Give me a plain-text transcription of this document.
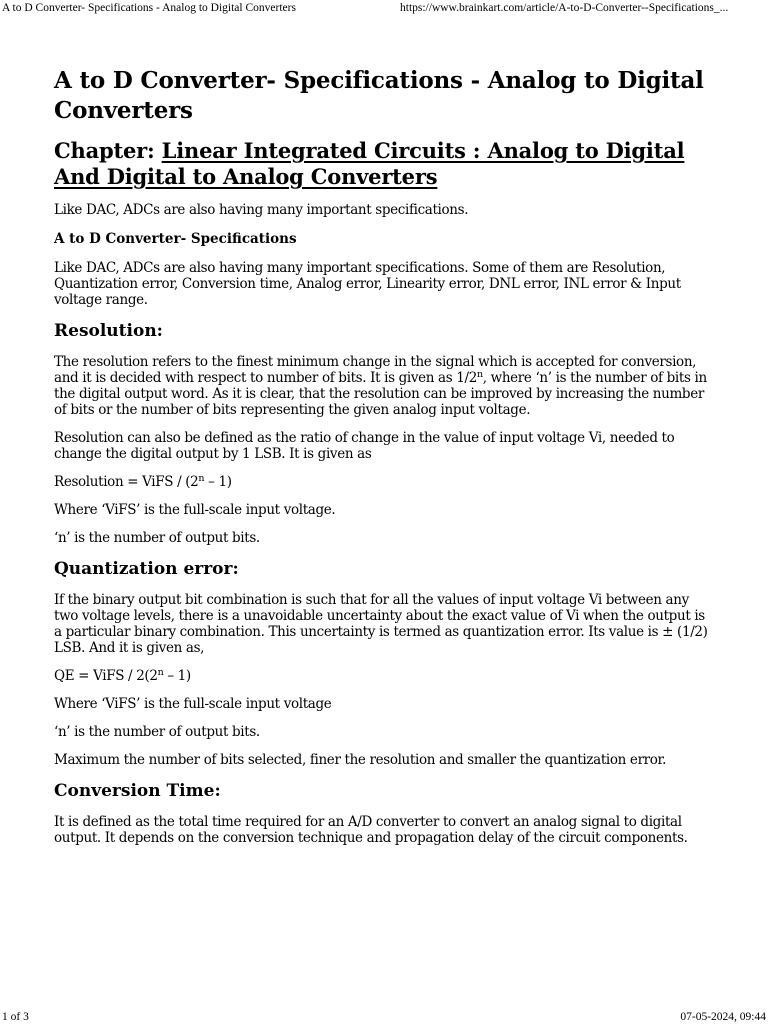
A to D Converter- Specifications - Analog to Digital Converters	https://www.brainkart.com/article/A-to-D-Converter--Specifications_...
A to D Converter- Specifications - Analog to Digital Converters
Chapter: Linear Integrated Circuits : Analog to Digital And Digital to Analog Converters

Like DAC, ADCs are also having many important specifications.

A to D Converter- Specifications

Like DAC, ADCs are also having many important specifications. Some of them are Resolution, Quantization error, Conversion time, Analog error, Linearity error, DNL error, INL error & Input voltage range.

Resolution:

The resolution refers to the finest minimum change in the signal which is accepted for conversion, and it is decided with respect to number of bits. It is given as 1/2$^n$, where ‘n’ is the number of bits in the digital output word. As it is clear, that the resolution can be improved by increasing the number of bits or the number of bits representing the given analog input voltage.

Resolution can also be defined as the ratio of change in the value of input voltage Vi, needed to change the digital output by 1 LSB. It is given as

Resolution = ViFS / (2$^n$ – 1)

Where ‘ViFS’ is the full-scale input voltage.

‘n’ is the number of output bits.

Quantization error:

If the binary output bit combination is such that for all the values of input voltage Vi between any two voltage levels, there is a unavoidable uncertainty about the exact value of Vi when the output is a particular binary combination. This uncertainty is termed as quantization error. Its value is ± (1/2) LSB. And it is given as,

QE = ViFS / 2(2$^n$ – 1)

Where ‘ViFS’ is the full-scale input voltage

‘n’ is the number of output bits.

Maximum the number of bits selected, finer the resolution and smaller the quantization error.

Conversion Time:

It is defined as the total time required for an A/D converter to convert an analog signal to digital output. It depends on the conversion technique and propagation delay of the circuit components.

1 of 3	07-05-2024, 09:44
